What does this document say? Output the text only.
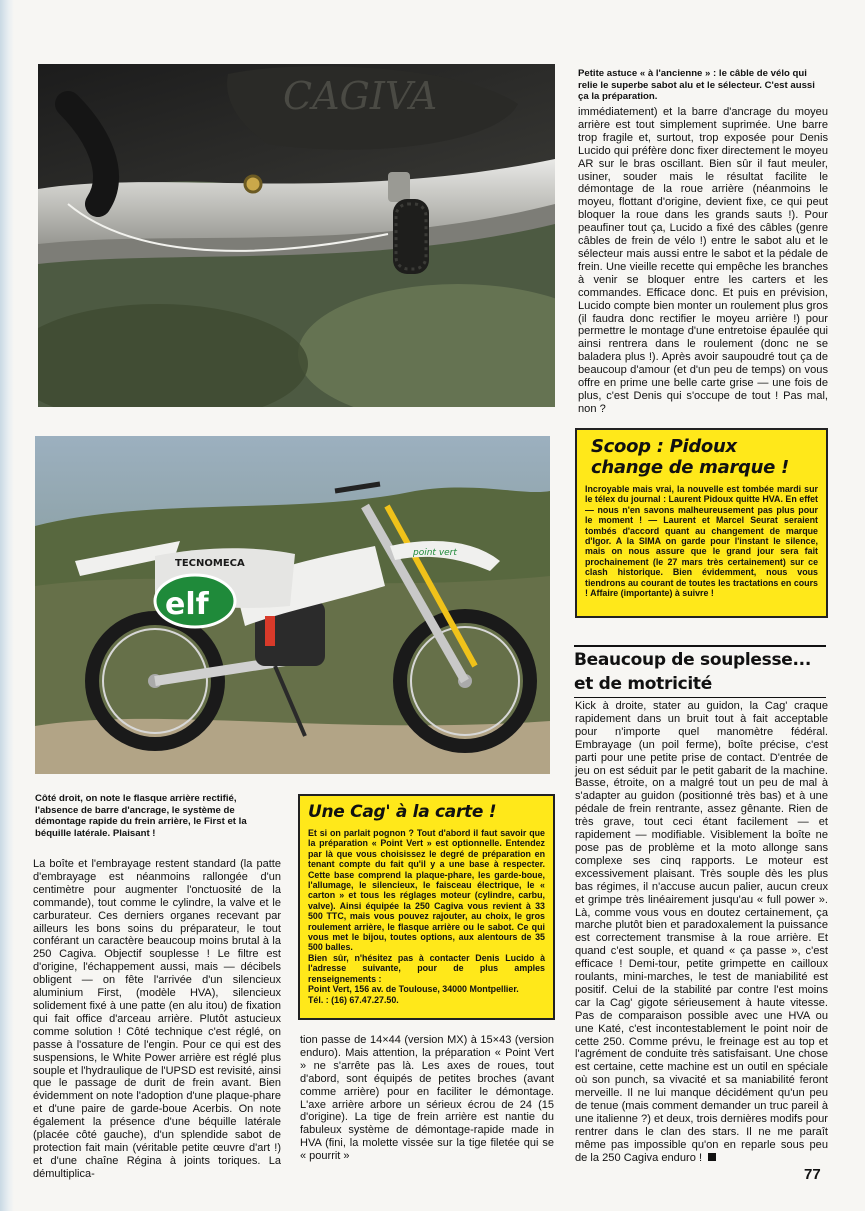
CAGIVA

Petite astuce « à l'ancienne » : le câble de vélo qui relie le superbe sabot alu et le sélecteur. C'est aussi ça la préparation.

immédiatement) et la barre d'ancrage du moyeu arrière est tout simplement suprimée. Une barre trop fragile et, surtout, trop exposée pour Denis Lucido qui préfère donc fixer directement le moyeu AR sur le bras oscillant. Bien sûr il faut meuler, usiner, souder mais le résultat facilite le démontage de la roue arrière (néanmoins le moyeu, flottant d'origine, devient fixe, ce qui peut bloquer la roue dans les grands sauts !). Pour peaufiner tout ça, Lucido a fixé des câbles (genre câbles de frein de vélo !) entre le sabot alu et le sélecteur mais aussi entre le sabot et la pédale de frein. Une vieille recette qui empêche les branches à venir se bloquer entre les carters et les commandes. Efficace donc. Et puis en prévision, Lucido compte bien monter un roulement plus gros (il faudra donc rectifier le moyeu arrière !) pour permettre le montage d'une entretoise épaulée qui ainsi rentrera dans le roulement (donc ne se baladera plus !). Après avoir saupoudré tout ça de beaucoup d'amour (et d'un peu de temps) on vous offre en prime une belle carte grise — une fois de plus, c'est Denis qui s'occupe de tout ! Pas mal, non ?

Scoop : Pidoux change de marque !

Incroyable mais vrai, la nouvelle est tombée mardi sur le télex du journal : Laurent Pidoux quitte HVA. En effet — nous n'en savons malheureusement pas plus pour le moment ! — Laurent et Marcel Seurat seraient tombés d'accord quant au changement de marque d'Igor. A la SIMA on garde pour l'instant le silence, mais on nous assure que le grand jour sera fait prochainement (le 27 mars très certainement) sur ce clash historique. Bien évidemment, nous vous tiendrons au courant de toutes les tractations en cours ! Affaire (importante) à suivre !

Beaucoup de souplesse... et de motricité

Kick à droite, stater au guidon, la Cag' craque rapidement dans un bruit tout à fait acceptable pour n'importe quel manomètre fédéral. Embrayage (un poil ferme), boîte précise, c'est parti pour une petite prise de contact. D'entrée de jeu on est séduit par le petit gabarit de la machine. Basse, étroite, on a malgré tout un peu de mal à s'adapter au guidon (positionné très bas) et à une pédale de frein rentrante, assez gênante. Rien de très grave, tout ceci étant facilement — et rapidement — modifiable. Visiblement la boîte ne pose pas de problème et la moto allonge sans complexe ses cinq rapports. Le moteur est excessivement plaisant. Très souple dès les plus bas régimes, il n'accuse aucun palier, aucun creux et grimpe très linéairement jusqu'au « full power ». Là, comme vous vous en doutez certainement, ça marche plutôt bien et paradoxalement la puissance est correctement transmise à la roue arrière. Et quand c'est souple, et quand « ça passe », c'est efficace ! Demi-tour, petite grimpette en cailloux roulants, mini-marches, le test de maniabilité est positif. Celui de la stabilité par contre l'est moins car la Cag' gigote sérieusement à haute vitesse. Pas de comparaison possible avec une HVA ou une Katé, c'est incontestablement le point noir de cette 250. Comme prévu, le freinage est au top et l'agrément de conduite très satisfaisant. Une chose est certaine, cette machine est un outil en spéciale où son punch, sa vivacité et sa maniabilité feront merveille. Il ne lui manque décidément qu'un peu de tenue (mais comment demander un truc pareil à une italienne ?) et deux, trois dernières modifs pour rentrer dans le clan des stars. Il ne me paraît même pas impossible qu'on en reparle sous peu de la 250 Cagiva enduro !

elf
TECNOMECA
point vert

Côté droit, on note le flasque arrière rectifié, l'absence de barre d'ancrage, le système de démontage rapide du frein arrière, le First et la béquille latérale. Plaisant !

La boîte et l'embrayage restent standard (la patte d'embrayage est néanmoins rallongée d'un centimètre pour augmenter l'onctuosité de la commande), tout comme le cylindre, la valve et le carburateur. Ces derniers organes recevant par ailleurs les bons soins du préparateur, le tout conférant un caractère beaucoup moins brutal à la 250 Cagiva. Objectif souplesse ! Le filtre est d'origine, l'échappement aussi, mais — décibels obligent — on fête l'arrivée d'un silencieux aluminium First, (modèle HVA), silencieux solidement fixé à une patte (en alu itou) de fixation qui fait office d'arceau arrière. Plutôt astucieux comme solution ! Côté technique c'est réglé, on passe à l'ossature de l'engin. Pour ce qui est des suspensions, le White Power arrière est réglé plus souple et l'hydraulique de l'UPSD est revisité, ainsi que le passage de durit de frein avant. Bien évidemment on note l'adoption d'une plaque-phare et d'une paire de garde-boue Acerbis. On note également la présence d'une béquille latérale (placée côté gauche), d'un splendide sabot de protection fait main (véritable petite œuvre d'art !) et d'une chaîne Régina à joints toriques. La démultiplica-

Une Cag' à la carte !

Et si on parlait pognon ? Tout d'abord il faut savoir que la préparation « Point Vert » est optionnelle. Entendez par là que vous choisissez le degré de préparation en tenant compte du fait qu'il y a une base à respecter. Cette base comprend la plaque-phare, les garde-boue, l'allumage, le silencieux, le faisceau électrique, le « carton » et tous les réglages moteur (cylindre, carbu, valve). Ainsi équipée la 250 Cagiva vous revient à 33 500 TTC, mais vous pouvez rajouter, au choix, le gros roulement arrière, le flasque arrière ou le sabot. Ce qui vous met le bijou, toutes options, aux alentours de 35 500 balles.

Bien sûr, n'hésitez pas à contacter Denis Lucido à l'adresse suivante, pour de plus amples renseignements :

Point Vert, 156 av. de Toulouse, 34000 Montpellier.

Tél. : (16) 67.47.27.50.

tion passe de 14×44 (version MX) à 15×43 (version enduro). Mais attention, la préparation « Point Vert » ne s'arrête pas là. Les axes de roues, tout d'abord, sont équipés de petites broches (avant comme arrière) pour en faciliter le démontage. L'axe arrière arbore un sérieux écrou de 24 (15 d'origine). La tige de frein arrière est nantie du fabuleux système de démontage-rapide made in HVA (fini, la molette vissée sur la tige filetée qui se « pourrit »

77
